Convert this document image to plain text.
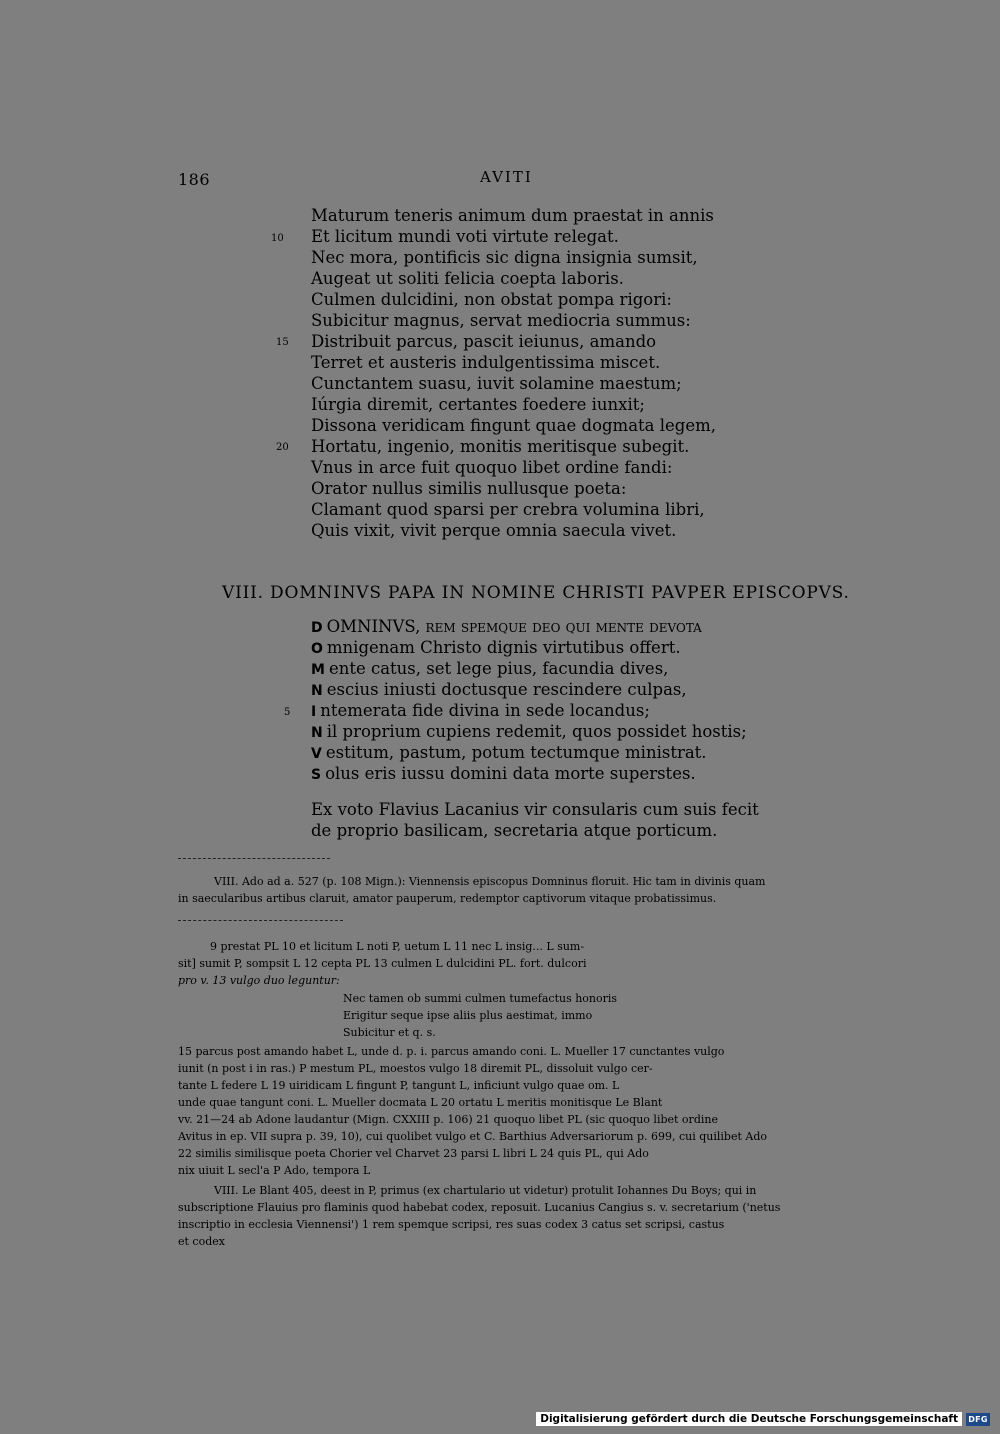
186	AVITI
Maturum teneris animum dum praestat in annis
10 Et licitum mundi voti virtute relegat.
Nec mora, pontificis sic digna insignia sumsit,
Augeat ut soliti felicia coepta laboris.
Culmen dulcidini, non obstat pompa rigori:
Subicitur magnus, servat mediocria summus:
15 Distribuit parcus, pascit ieiunus, amando
Terret et austeris indulgentissima miscet.
Cunctantem suasu, iuvit solamine maestum;
Iúrgia diremit, certantes foedere iunxit;
Dissona veridicam fingunt quae dogmata legem,
20 Hortatu, ingenio, monitis meritisque subegit.
Vnus in arce fuit quoquo libet ordine fandi:
Orator nullus similis nullusque poeta:
Clamant quod sparsi per crebra volumina libri,
Quis vixit, vivit perque omnia saecula vivet.
VIII. DOMNINVS PAPA IN NOMINE CHRISTI PAVPER EPISCOPVS.
D OMNINVS, rem spemque deo qui mente devota
O mnigenam Christo dignis virtutibus offert.
M ente catus, set lege pius, facundia dives,
N escius iniusti doctusque rescindere culpas,
5 I ntemerata fide divina in sede locandus;
N il proprium cupiens redemit, quos possidet hostis;
V estitum, pastum, potum tectumque ministrat.
S olus eris iussu domini data morte superstes.
Ex voto Flavius Lacanius vir consularis cum suis fecit
de proprio basilicam, secretaria atque porticum.
VIII. Ado ad a. 527 (p. 108 Mign.): Viennensis episcopus Domninus floruit. Hic tam in divinis quam
in saecularibus artibus claruit, amator pauperum, redemptor captivorum vitaque probatissimus.
9 prestat PL 10 et licitum L noti P, uetum L 11 nec L insig... L sum-
sit] sumit P, sompsit L 12 cepta PL 13 culmen L dulcidini PL. fort. dulcori
pro v. 13 vulgo duo leguntur:
Nec tamen ob summi culmen tumefactus honoris
Erigitur seque ipse aliis plus aestimat, immo
Subicitur et q. s.
15 parcus post amando habet L, unde d. p. i. parcus amando coni. L. Mueller 17 cunctantes vulgo
iunit (n post i in ras.) P mestum PL, moestos vulgo 18 diremit PL, dissoluit vulgo cer-
tante L federe L 19 uiridicam L fingunt P, tangunt L, inficiunt vulgo quae om. L
unde quae tangunt coni. L. Mueller docmata L 20 ortatu L meritis monitisque Le Blant
vv. 21—24 ab Adone laudantur (Mign. CXXIII p. 106) 21 quoquo libet PL (sic quoquo libet ordine
Avitus in ep. VII supra p. 39, 10), cui quolibet vulgo et C. Barthius Adversariorum p. 699, cui quilibet Ado
22 similis similisque poeta Chorier vel Charvet 23 parsi L libri L 24 quis PL, qui Ado
nix uiuit L secl'a P Ado, tempora L
VIII. Le Blant 405, deest in P, primus (ex chartulario ut videtur) protulit Iohannes Du Boys; qui in
subscriptione Flauius pro flaminis quod habebat codex, reposuit. Lucanius Cangius s. v. secretarium ('netus
inscriptio in ecclesia Viennensi') 1 rem spemque scripsi, res suas codex 3 catus set scripsi, castus
et codex
Digitalisierung gefördert durch die Deutsche Forschungsgemeinschaft	DFG
